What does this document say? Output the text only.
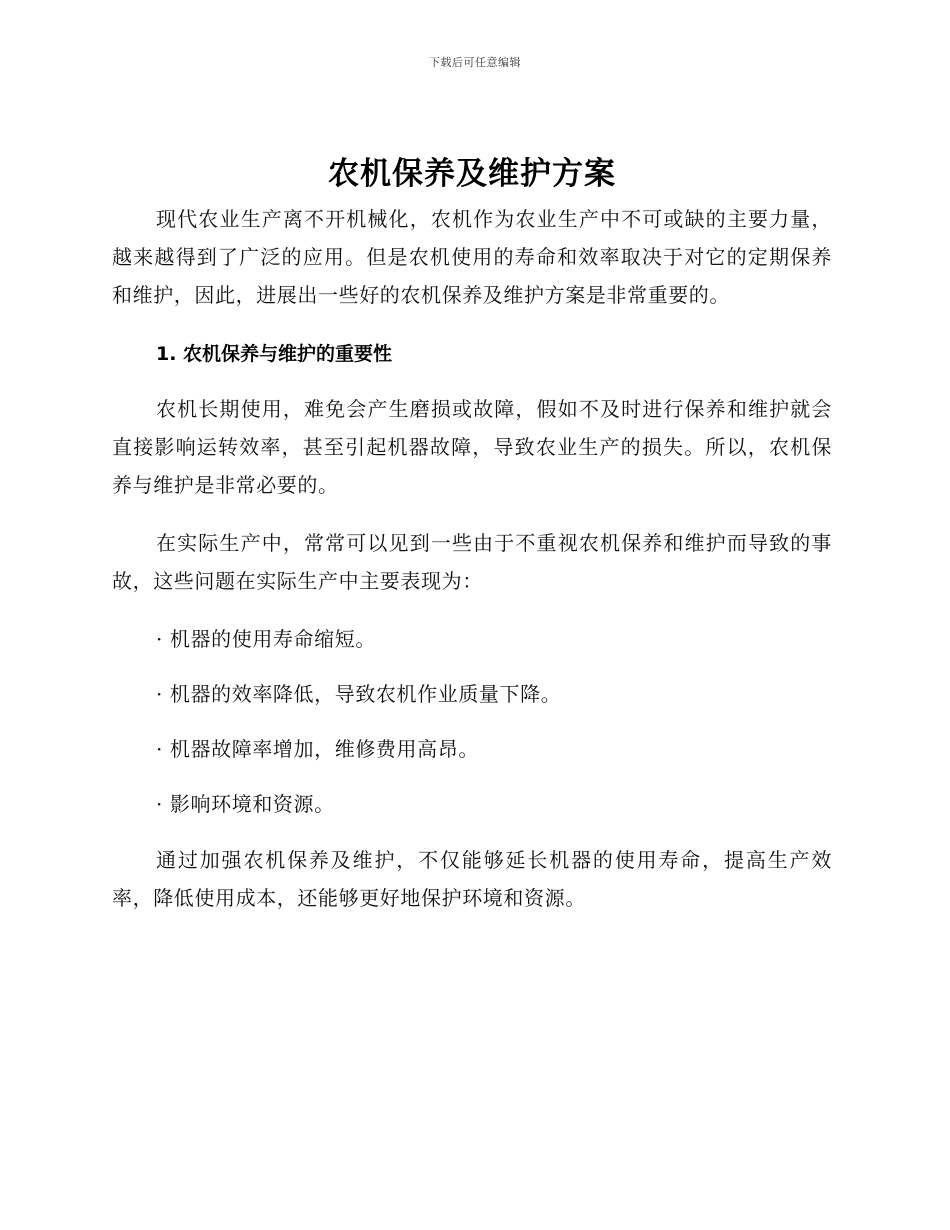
下载后可任意编辑
农机保养及维护方案

现代农业生产离不开机械化，农机作为农业生产中不可或缺的主要力量，越来越得到了广泛的应用。但是农机使用的寿命和效率取决于对它的定期保养和维护，因此，进展出一些好的农机保养及维护方案是非常重要的。

1. 农机保养与维护的重要性

农机长期使用，难免会产生磨损或故障，假如不及时进行保养和维护就会直接影响运转效率，甚至引起机器故障，导致农业生产的损失。所以，农机保养与维护是非常必要的。

在实际生产中，常常可以见到一些由于不重视农机保养和维护而导致的事故，这些问题在实际生产中主要表现为：

· 机器的使用寿命缩短。
· 机器的效率降低，导致农机作业质量下降。
· 机器故障率增加，维修费用高昂。
· 影响环境和资源。

通过加强农机保养及维护，不仅能够延长机器的使用寿命，提高生产效率，降低使用成本，还能够更好地保护环境和资源。
